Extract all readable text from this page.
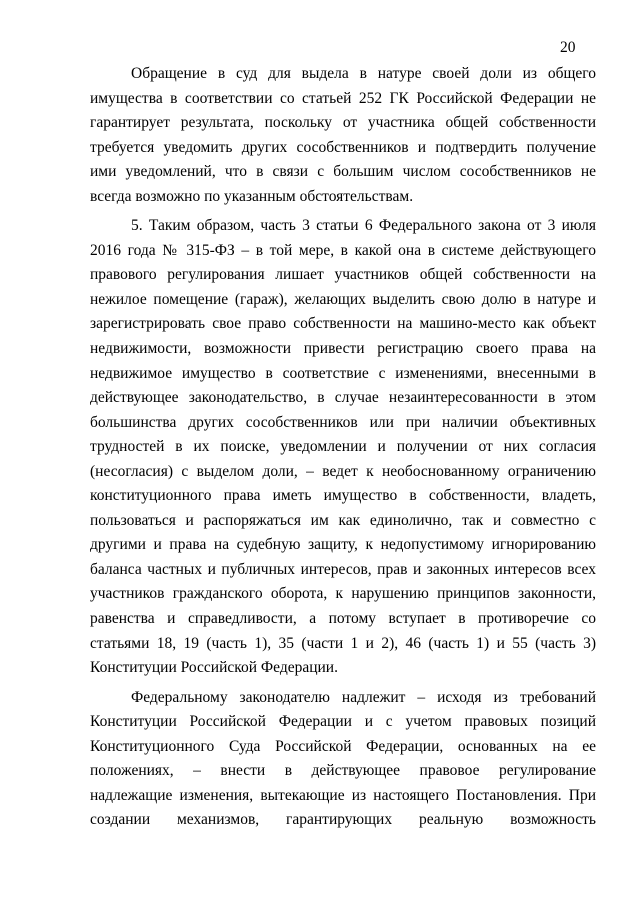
20
Обращение в суд для выдела в натуре своей доли из общего
имущества в соответствии со статьей 252 ГК Российской Федерации не
гарантирует результата, поскольку от участника общей собственности
требуется уведомить других сособственников и подтвердить получение
ими уведомлений, что в связи с большим числом сособственников не
всегда возможно по указанным обстоятельствам.
5. Таким образом, часть 3 статьи 6 Федерального закона от 3 июля
2016 года № 315-ФЗ – в той мере, в какой она в системе действующего
правового регулирования лишает участников общей собственности на
нежилое помещение (гараж), желающих выделить свою долю в натуре и
зарегистрировать свое право собственности на машино-место как объект
недвижимости, возможности привести регистрацию своего права на
недвижимое имущество в соответствие с изменениями, внесенными в
действующее законодательство, в случае незаинтересованности в этом
большинства других сособственников или при наличии объективных
трудностей в их поиске, уведомлении и получении от них согласия
(несогласия) с выделом доли, – ведет к необоснованному ограничению
конституционного права иметь имущество в собственности, владеть,
пользоваться и распоряжаться им как единолично, так и совместно с
другими и права на судебную защиту, к недопустимому игнорированию
баланса частных и публичных интересов, прав и законных интересов всех
участников гражданского оборота, к нарушению принципов законности,
равенства и справедливости, а потому вступает в противоречие со
статьями 18, 19 (часть 1), 35 (части 1 и 2), 46 (часть 1) и 55 (часть 3)
Конституции Российской Федерации.
Федеральному законодателю надлежит – исходя из требований
Конституции Российской Федерации и с учетом правовых позиций
Конституционного Суда Российской Федерации, основанных на ее
положениях, – внести в действующее правовое регулирование
надлежащие изменения, вытекающие из настоящего Постановления. При
создании механизмов, гарантирующих реальную возможность
